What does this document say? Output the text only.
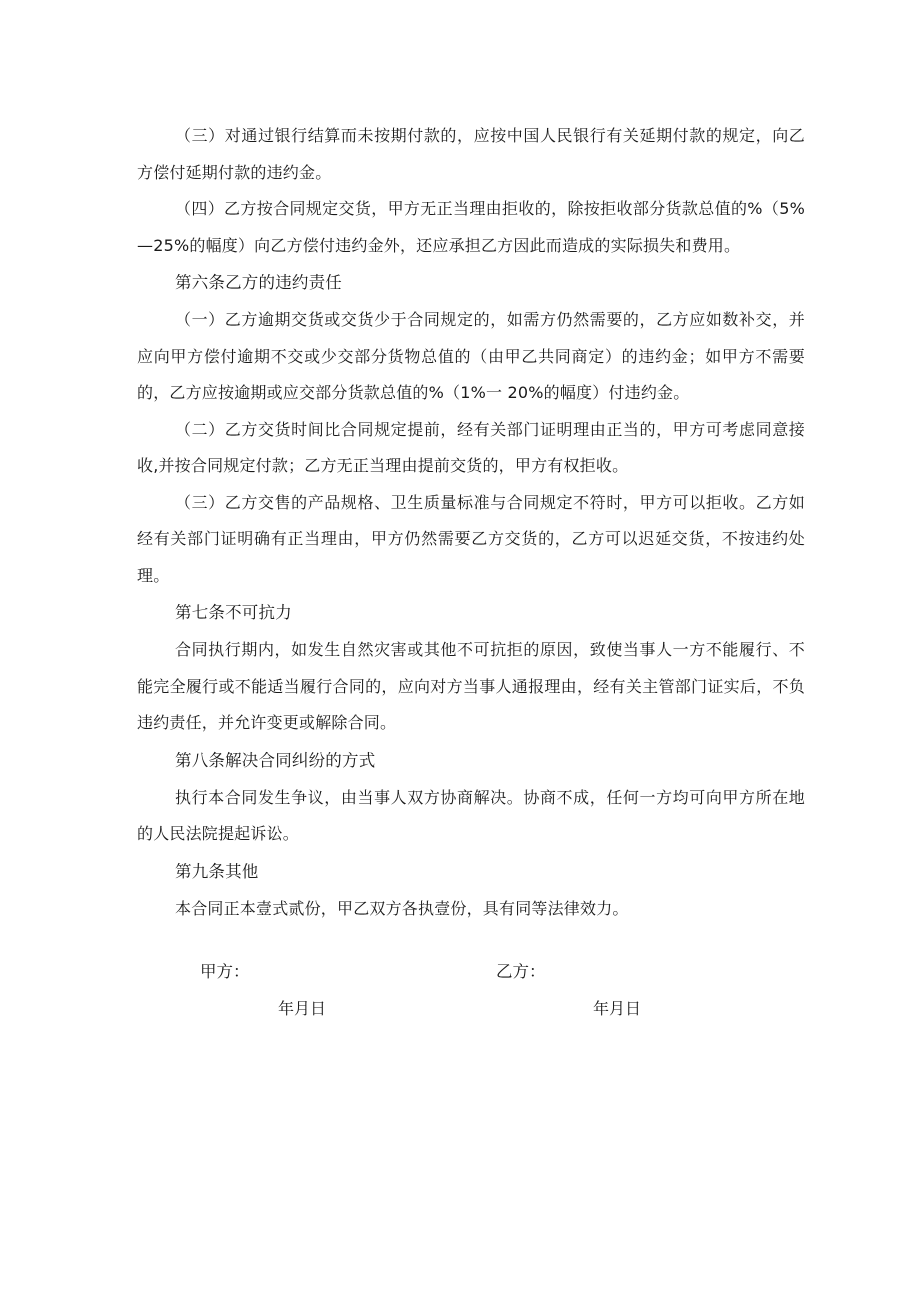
（三）对通过银行结算而未按期付款的，应按中国人民银行有关延期付款的规定，向乙方偿付延期付款的违约金。

（四）乙方按合同规定交货，甲方无正当理由拒收的，除按拒收部分货款总值的%（5%—25%的幅度）向乙方偿付违约金外，还应承担乙方因此而造成的实际损失和费用。

第六条乙方的违约责任

（一）乙方逾期交货或交货少于合同规定的，如需方仍然需要的，乙方应如数补交，并应向甲方偿付逾期不交或少交部分货物总值的（由甲乙共同商定）的违约金；如甲方不需要的，乙方应按逾期或应交部分货款总值的%（1%一 20%的幅度）付违约金。

（二）乙方交货时间比合同规定提前，经有关部门证明理由正当的，甲方可考虑同意接收,并按合同规定付款；乙方无正当理由提前交货的，甲方有权拒收。

（三）乙方交售的产品规格、卫生质量标准与合同规定不符时，甲方可以拒收。乙方如经有关部门证明确有正当理由，甲方仍然需要乙方交货的，乙方可以迟延交货，不按违约处理。

第七条不可抗力

合同执行期内，如发生自然灾害或其他不可抗拒的原因，致使当事人一方不能履行、不能完全履行或不能适当履行合同的，应向对方当事人通报理由，经有关主管部门证实后，不负违约责任，并允许变更或解除合同。

第八条解决合同纠纷的方式

执行本合同发生争议，由当事人双方协商解决。协商不成，任何一方均可向甲方所在地的人民法院提起诉讼。

第九条其他

本合同正本壹式贰份，甲乙双方各执壹份，具有同等法律效力。

甲方：	乙方：
年月日	年月日
